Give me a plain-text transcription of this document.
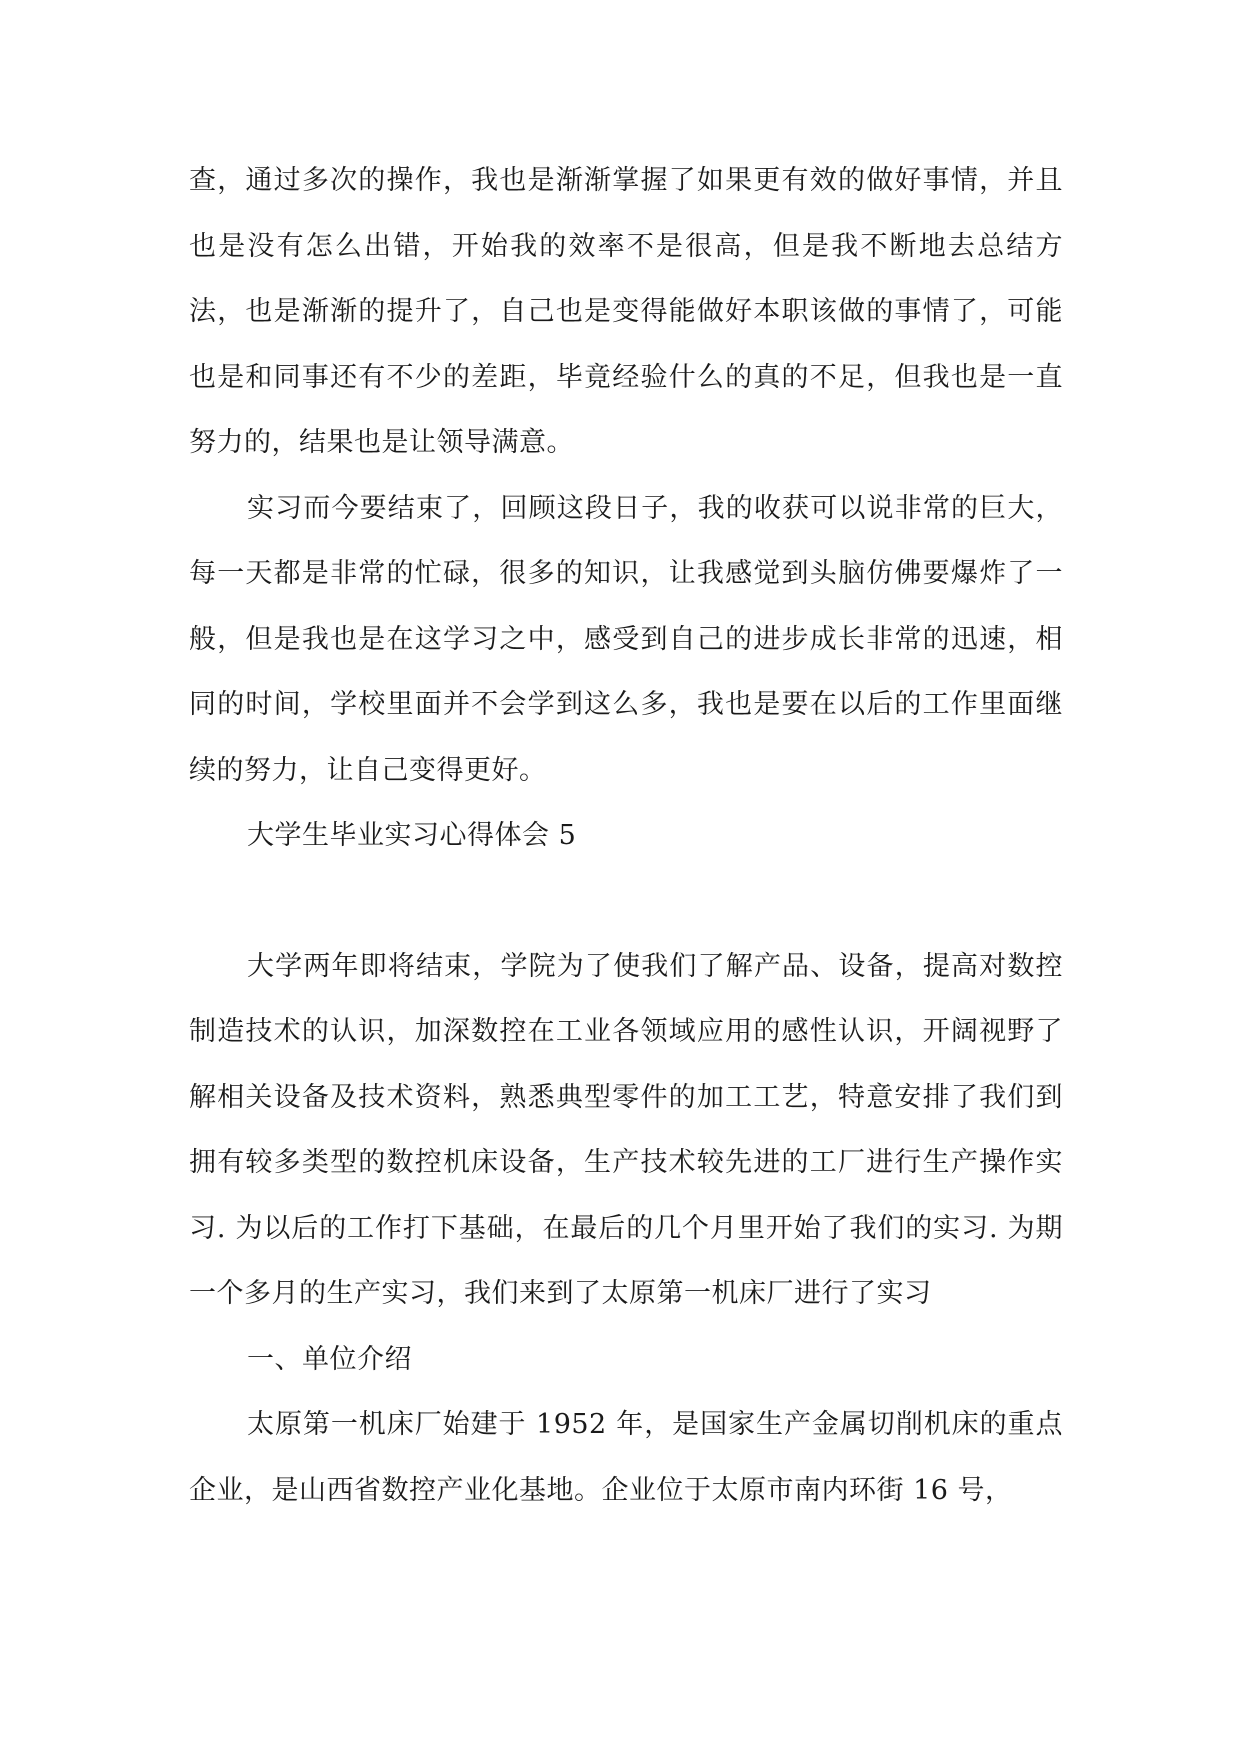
查，通过多次的操作，我也是渐渐掌握了如果更有效的做好事情，并且也是没有怎么出错，开始我的效率不是很高，但是我不断地去总结方法，也是渐渐的提升了，自己也是变得能做好本职该做的事情了，可能也是和同事还有不少的差距，毕竟经验什么的真的不足，但我也是一直努力的，结果也是让领导满意。

实习而今要结束了，回顾这段日子，我的收获可以说非常的巨大，每一天都是非常的忙碌，很多的知识，让我感觉到头脑仿佛要爆炸了一般，但是我也是在这学习之中，感受到自己的进步成长非常的迅速，相同的时间，学校里面并不会学到这么多，我也是要在以后的工作里面继续的努力，让自己变得更好。

大学生毕业实习心得体会 5

大学两年即将结束，学院为了使我们了解产品、设备，提高对数控制造技术的认识，加深数控在工业各领域应用的感性认识，开阔视野了解相关设备及技术资料，熟悉典型零件的加工工艺，特意安排了我们到拥有较多类型的数控机床设备，生产技术较先进的工厂进行生产操作实习. 为以后的工作打下基础，在最后的几个月里开始了我们的实习. 为期一个多月的生产实习，我们来到了太原第一机床厂进行了实习

一、单位介绍

太原第一机床厂始建于 1952 年，是国家生产金属切削机床的重点企业，是山西省数控产业化基地。企业位于太原市南内环街 16 号，
